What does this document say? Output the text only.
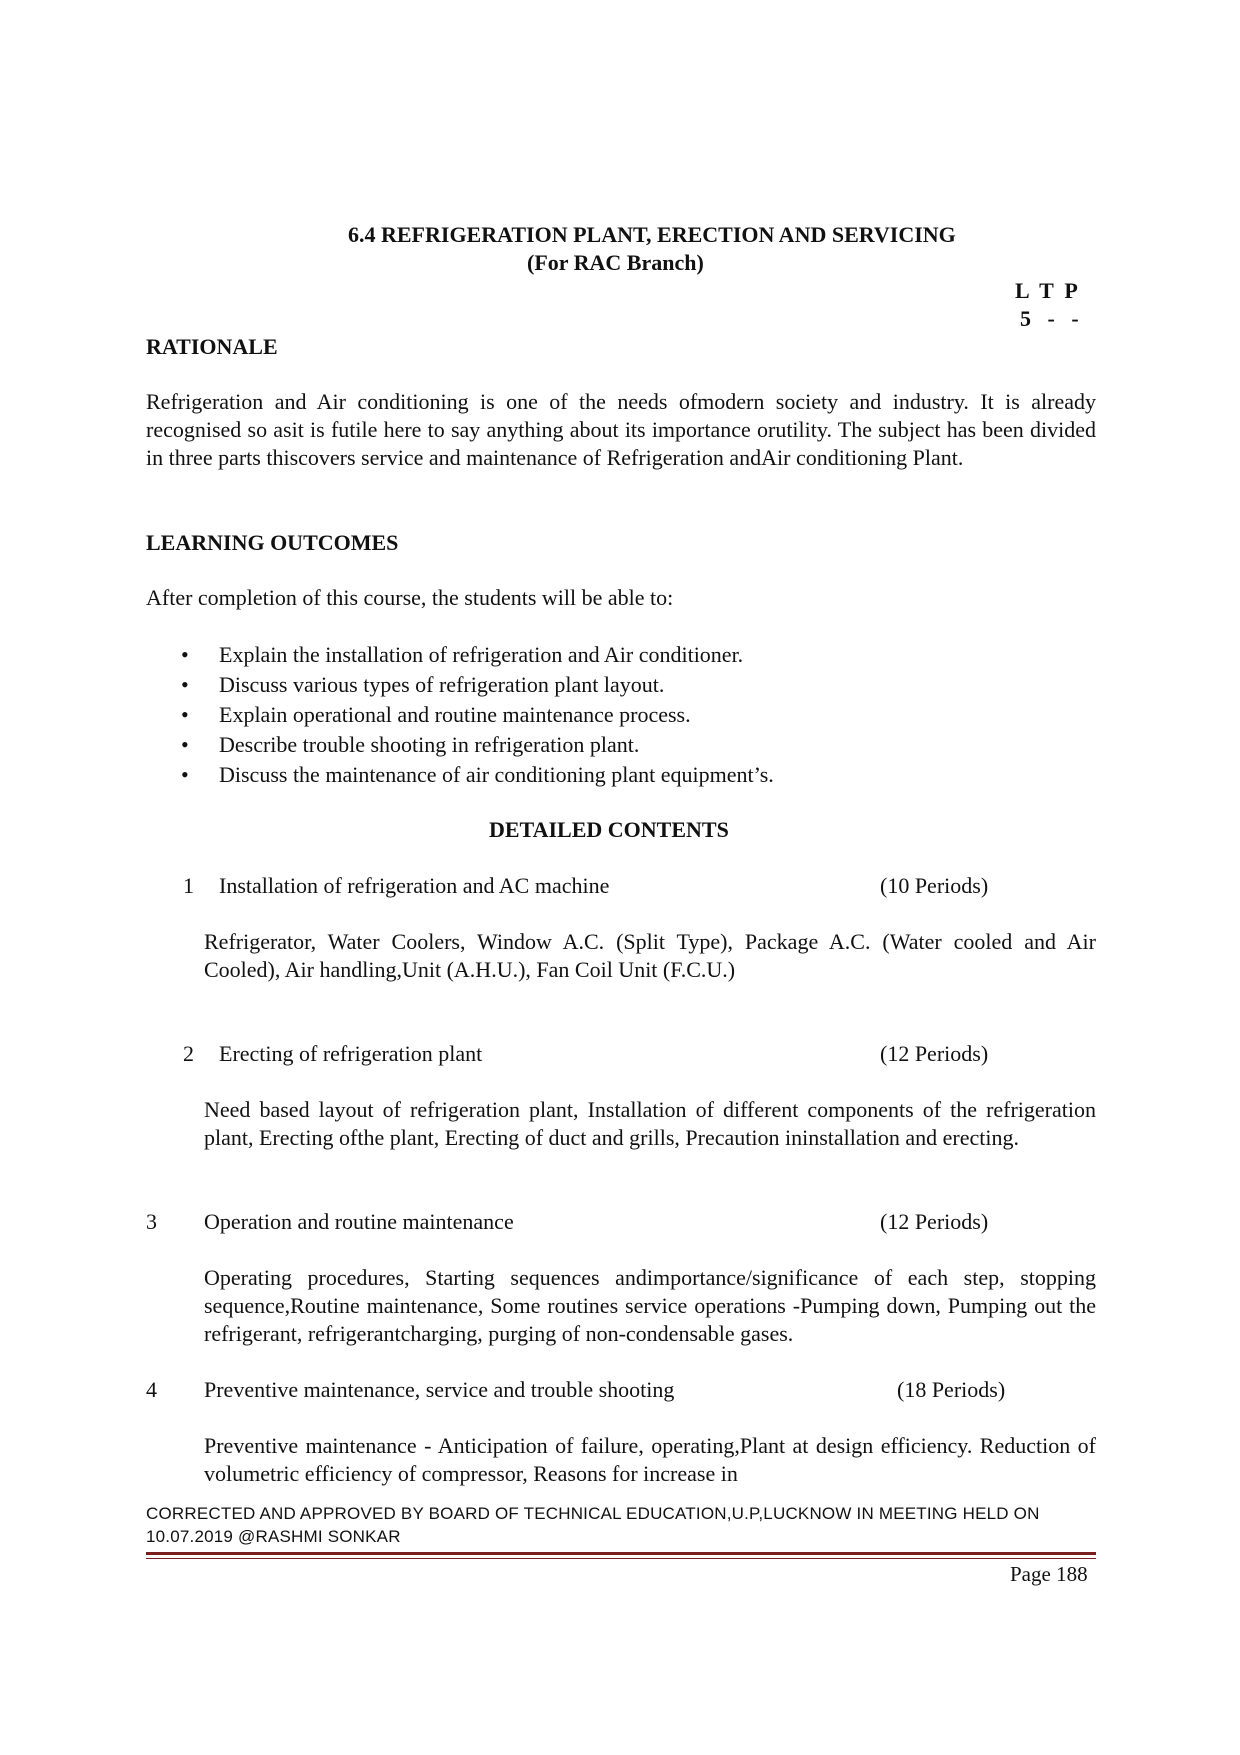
6.4 REFRIGERATION PLANT, ERECTION AND SERVICING
(For RAC Branch)
L  T  P
5   -   -
RATIONALE
Refrigeration and Air conditioning is one of the needs ofmodern society and industry. It is already recognised so asit is futile here to say anything about its importance orutility. The subject has been divided in three parts thiscovers service and maintenance of Refrigeration andAir conditioning Plant.
LEARNING OUTCOMES
After completion of this course, the students will be able to:
• Explain the installation of refrigeration and Air conditioner.
• Discuss various types of refrigeration plant layout.
• Explain operational and routine maintenance process.
• Describe trouble shooting in refrigeration plant.
• Discuss the maintenance of air conditioning plant equipment’s.
DETAILED CONTENTS
1 Installation of refrigeration and AC machine	(10 Periods)
Refrigerator, Water Coolers, Window A.C. (Split Type), Package A.C. (Water cooled and Air Cooled), Air handling,Unit (A.H.U.), Fan Coil Unit (F.C.U.)
2 Erecting of refrigeration plant	(12 Periods)
Need based layout of refrigeration plant, Installation of different components of the refrigeration plant, Erecting ofthe plant, Erecting of duct and grills, Precaution ininstallation and erecting.
3 Operation and routine maintenance	(12 Periods)
Operating procedures, Starting sequences andimportance/significance of each step, stopping sequence,Routine maintenance, Some routines service operations -Pumping down, Pumping out the refrigerant, refrigerantcharging, purging of non-condensable gases.
4 Preventive maintenance, service and trouble shooting	(18 Periods)
Preventive maintenance - Anticipation of failure, operating,Plant at design efficiency. Reduction of volumetric efficiency of compressor, Reasons for increase in
CORRECTED AND APPROVED BY BOARD OF TECHNICAL EDUCATION,U.P,LUCKNOW IN MEETING HELD ON
10.07.2019 @RASHMI SONKAR
Page 188
